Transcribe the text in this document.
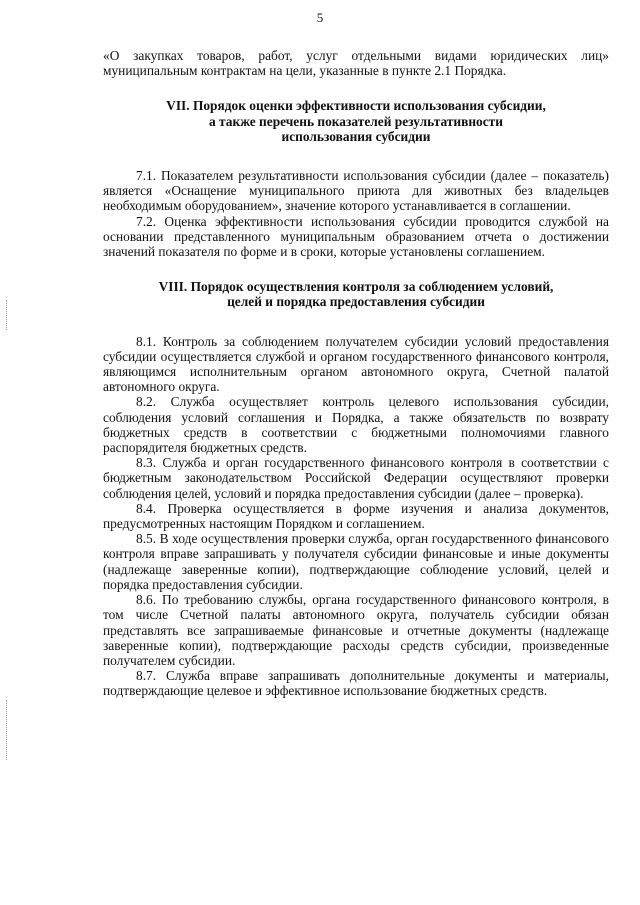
5

«О закупках товаров, работ, услуг отдельными видами юридических лиц» муниципальным контрактам на цели, указанные в пункте 2.1 Порядка.

VII. Порядок оценки эффективности использования субсидии,
а также перечень показателей результативности
использования субсидии

7.1. Показателем результативности использования субсидии (далее – показатель) является «Оснащение муниципального приюта для животных без владельцев необходимым оборудованием», значение которого устанавливается в соглашении.

7.2. Оценка эффективности использования субсидии проводится службой на основании представленного муниципальным образованием отчета о достижении значений показателя по форме и в сроки, которые установлены соглашением.

VIII. Порядок осуществления контроля за соблюдением условий,
целей и порядка предоставления субсидии

8.1. Контроль за соблюдением получателем субсидии условий предоставления субсидии осуществляется службой и органом государственного финансового контроля, являющимся исполнительным органом автономного округа, Счетной палатой автономного округа.

8.2. Служба осуществляет контроль целевого использования субсидии, соблюдения условий соглашения и Порядка, а также обязательств по возврату бюджетных средств в соответствии с бюджетными полномочиями главного распорядителя бюджетных средств.

8.3. Служба и орган государственного финансового контроля в соответствии с бюджетным законодательством Российской Федерации осуществляют проверки соблюдения целей, условий и порядка предоставления субсидии (далее – проверка).

8.4. Проверка осуществляется в форме изучения и анализа документов, предусмотренных настоящим Порядком и соглашением.

8.5. В ходе осуществления проверки служба, орган государственного финансового контроля вправе запрашивать у получателя субсидии финансовые и иные документы (надлежаще заверенные копии), подтверждающие соблюдение условий, целей и порядка предоставления субсидии.

8.6. По требованию службы, органа государственного финансового контроля, в том числе Счетной палаты автономного округа, получатель субсидии обязан представлять все запрашиваемые финансовые и отчетные документы (надлежаще заверенные копии), подтверждающие расходы средств субсидии, произведенные получателем субсидии.

8.7. Служба вправе запрашивать дополнительные документы и материалы, подтверждающие целевое и эффективное использование бюджетных средств.
